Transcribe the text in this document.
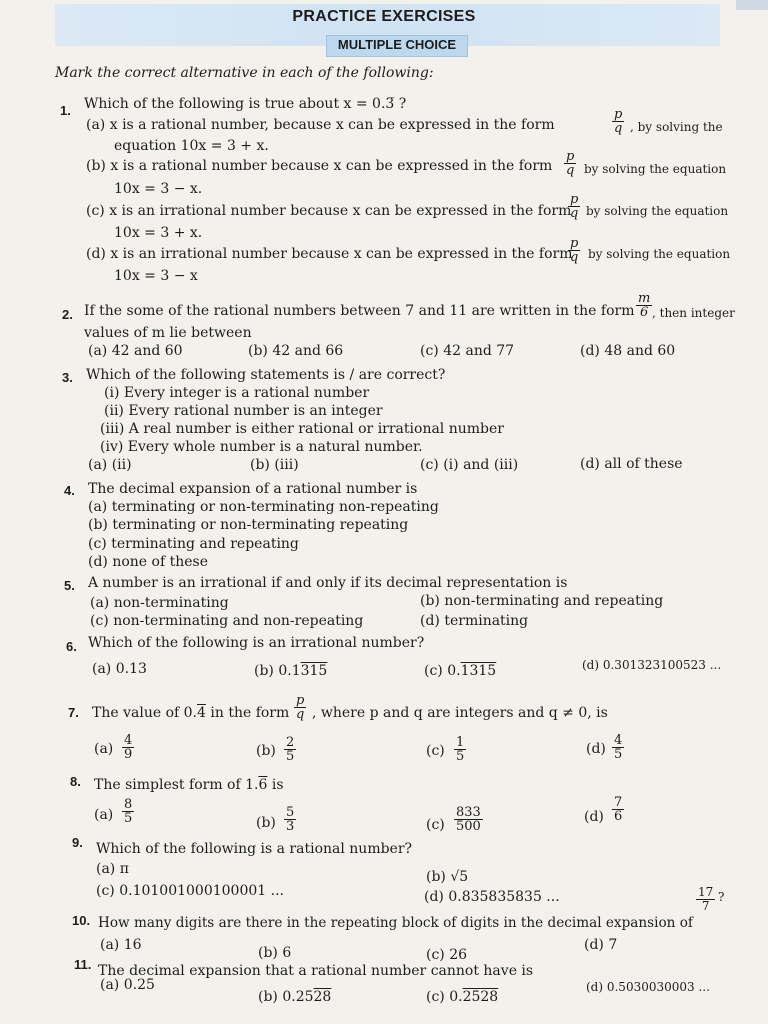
PRACTICE EXERCISES
MULTIPLE CHOICE
Mark the correct alternative in each of the following:
1. Which of the following is true about x = 0.3̅ ?
(a) x is a rational number, because x can be expressed in the form	$\frac{p}{q}$ , by solving the
equation 10x = 3 + x.
(b) x is a rational number because x can be expressed in the form $\frac{p}{q}$ by solving the equation
10x = 3 − x.
(c) x is an irrational number because x can be expressed in the form
$\frac{p}{q}$ by solving the equation
10x = 3 + x.
(d) x is an irrational number because x can be expressed in the form
$\frac{p}{q}$ by solving the equation
10x = 3 − x
2. If the some of the rational numbers between 7 and 11 are written in the form $\frac{m}{6}$ , then integer
values of m lie between
(a) 42 and 60	(b) 42 and 66	(c) 42 and 77	(d) 48 and 60
3. Which of the following statements is / are correct?
(i) Every integer is a rational number
(ii) Every rational number is an integer
(iii) A real number is either rational or irrational number
(iv) Every whole number is a natural number.
(a) (ii)	(b) (iii)	(c) (i) and (iii)	(d) all of these
4. The decimal expansion of a rational number is
(a) terminating or non-terminating non-repeating
(b) terminating or non-terminating repeating
(c) terminating and repeating
(d) none of these
5. A number is an irrational if and only if its decimal representation is
(a) non-terminating	(b) non-terminating and repeating
(c) non-terminating and non-repeating	(d) terminating
6. Which of the following is an irrational number?
(a) 0.13	(b) 0.1315	(c) 0.1315	(d) 0.301323100523 ...
7. The value of 0.4 in the form $\frac{p}{q}$ , where p and q are integers and q ≠ 0, is
$(a) \frac{4}{9}$	$(b) \frac{2}{5}$	$(c) \frac{1}{5}$	$(d) \frac{4}{5}$
8. The simplest form of 1.6 is
$(a) \frac{8}{5}$	$(b) \frac{5}{3}$	$(c) \frac{833}{500}$	$(d) \frac{7}{6}$
9. Which of the following is a rational number?
(a) π	(b) √5
(c) 0.101001000100001 ...	(d) 0.835835835 ...
10. How many digits are there in the repeating block of digits in the decimal expansion of
$\frac{17}{7}$ ?
(a) 16	(b) 6	(c) 26
(d) 7
11. The decimal expansion that a rational number cannot have is
(a) 0.25
(b) 0.2528	(c) 0.2528
(d) 0.5030030003 ...
